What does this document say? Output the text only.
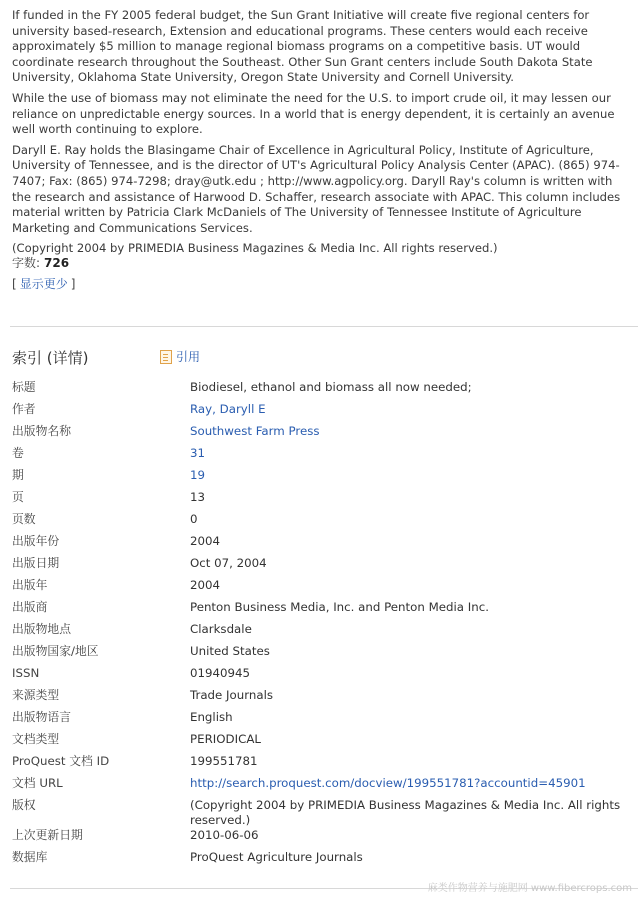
If funded in the FY 2005 federal budget, the Sun Grant Initiative will create five regional centers for university based-research, Extension and educational programs. These centers would each receive approximately $5 million to manage regional biomass programs on a competitive basis. UT would coordinate research throughout the Southeast. Other Sun Grant centers include South Dakota State University, Oklahoma State University, Oregon State University and Cornell University.

While the use of biomass may not eliminate the need for the U.S. to import crude oil, it may lessen our reliance on unpredictable energy sources. In a world that is energy dependent, it is certainly an avenue well worth continuing to explore.

Daryll E. Ray holds the Blasingame Chair of Excellence in Agricultural Policy, Institute of Agriculture, University of Tennessee, and is the director of UT's Agricultural Policy Analysis Center (APAC). (865) 974-7407; Fax: (865) 974-7298; dray@utk.edu ; http://www.agpolicy.org. Daryll Ray's column is written with the research and assistance of Harwood D. Schaffer, research associate with APAC. This column includes material written by Patricia Clark McDaniels of The University of Tennessee Institute of Agriculture Marketing and Communications Services.

(Copyright 2004 by PRIMEDIA Business Magazines & Media Inc. All rights reserved.)

字数: 726
[ 显示更少 ]
索引 (详情)	引用
标题	Biodiesel, ethanol and biomass all now needed;
作者	Ray, Daryll E
出版物名称	Southwest Farm Press
卷	31
期	19
页	13
页数	0
出版年份	2004
出版日期	Oct 07, 2004
出版年	2004
出版商	Penton Business Media, Inc. and Penton Media Inc.
出版物地点	Clarksdale
出版物国家/地区	United States
ISSN	01940945
来源类型	Trade Journals
出版物语言	English
文档类型	PERIODICAL
ProQuest 文档 ID	199551781
文档 URL	http://search.proquest.com/docview/199551781?accountid=45901
版权	(Copyright 2004 by PRIMEDIA Business Magazines & Media Inc. All rights reserved.)
上次更新日期	2010-06-06
数据库	ProQuest Agriculture Journals
麻类作物营养与施肥网 www.fibercrops.com
